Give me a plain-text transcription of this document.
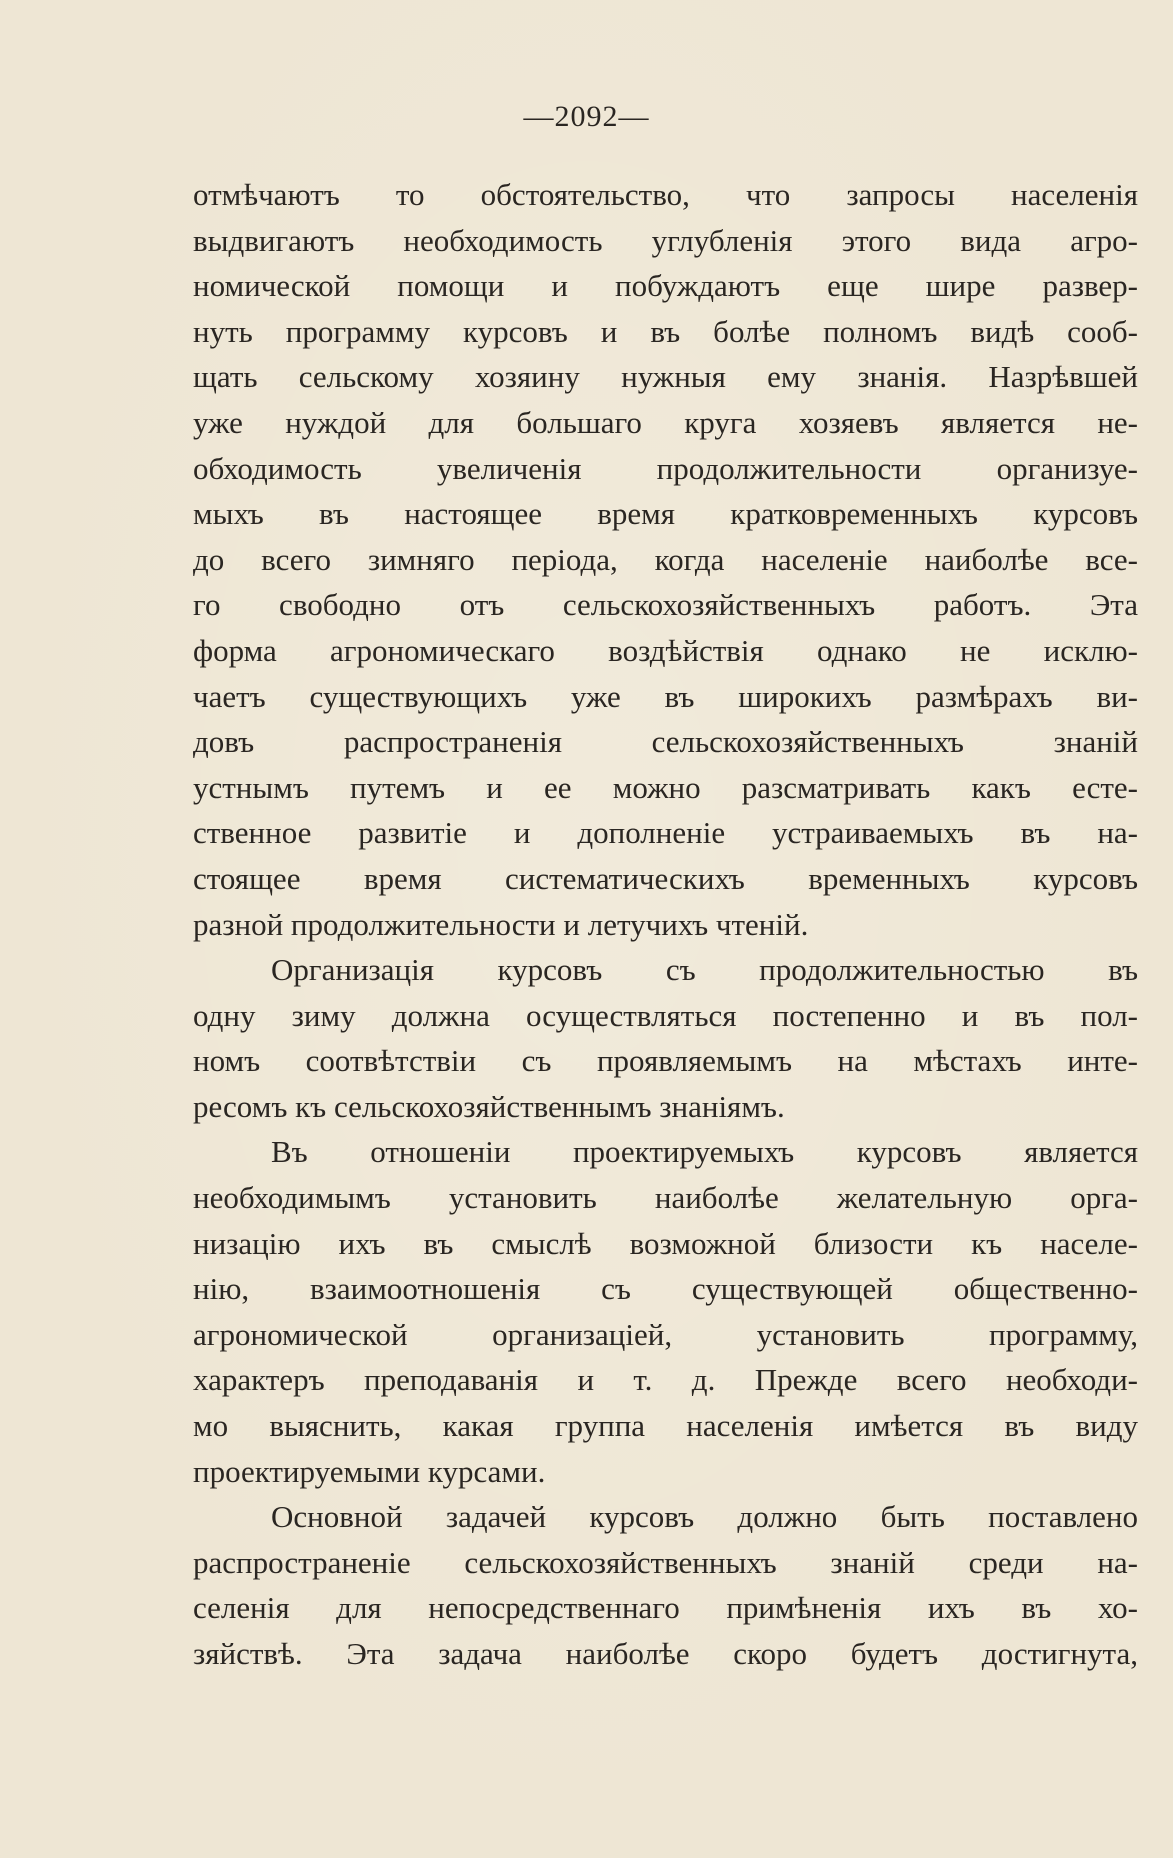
—2092—
отмѣчаютъ то обстоятельство, что запросы населенія
выдвигаютъ необходимость углубленія этого вида агро-
номической помощи и побуждаютъ еще шире развер-
нуть программу курсовъ и въ болѣе полномъ видѣ сооб-
щать сельскому хозяину нужныя ему знанія. Назрѣвшей
уже нуждой для большаго круга хозяевъ является не-
обходимость увеличенія продолжительности организуе-
мыхъ въ настоящее время кратковременныхъ курсовъ
до всего зимняго періода, когда населеніе наиболѣе все-
го свободно отъ сельскохозяйственныхъ работъ. Эта
форма агрономическаго воздѣйствія однако не исклю-
чаетъ существующихъ уже въ широкихъ размѣрахъ ви-
довъ распространенія сельскохозяйственныхъ знаній
устнымъ путемъ и ее можно разсматривать какъ есте-
ственное развитіе и дополненіе устраиваемыхъ въ на-
стоящее время систематическихъ временныхъ курсовъ
разной продолжительности и летучихъ чтеній.
Организація курсовъ съ продолжительностью въ
одну зиму должна осуществляться постепенно и въ пол-
номъ соотвѣтствіи съ проявляемымъ на мѣстахъ инте-
ресомъ къ сельскохозяйственнымъ знаніямъ.
Въ отношеніи проектируемыхъ курсовъ является
необходимымъ установить наиболѣе желательную орга-
низацію ихъ въ смыслѣ возможной близости къ населе-
нію, взаимоотношенія съ существующей общественно-
агрономической организаціей, установить программу,
характеръ преподаванія и т. д. Прежде всего необходи-
мо выяснить, какая группа населенія имѣется въ виду
проектируемыми курсами.
Основной задачей курсовъ должно быть поставлено
распространеніе сельскохозяйственныхъ знаній среди на-
селенія для непосредственнаго примѣненія ихъ въ хо-
зяйствѣ. Эта задача наиболѣе скоро будетъ достигнута,
